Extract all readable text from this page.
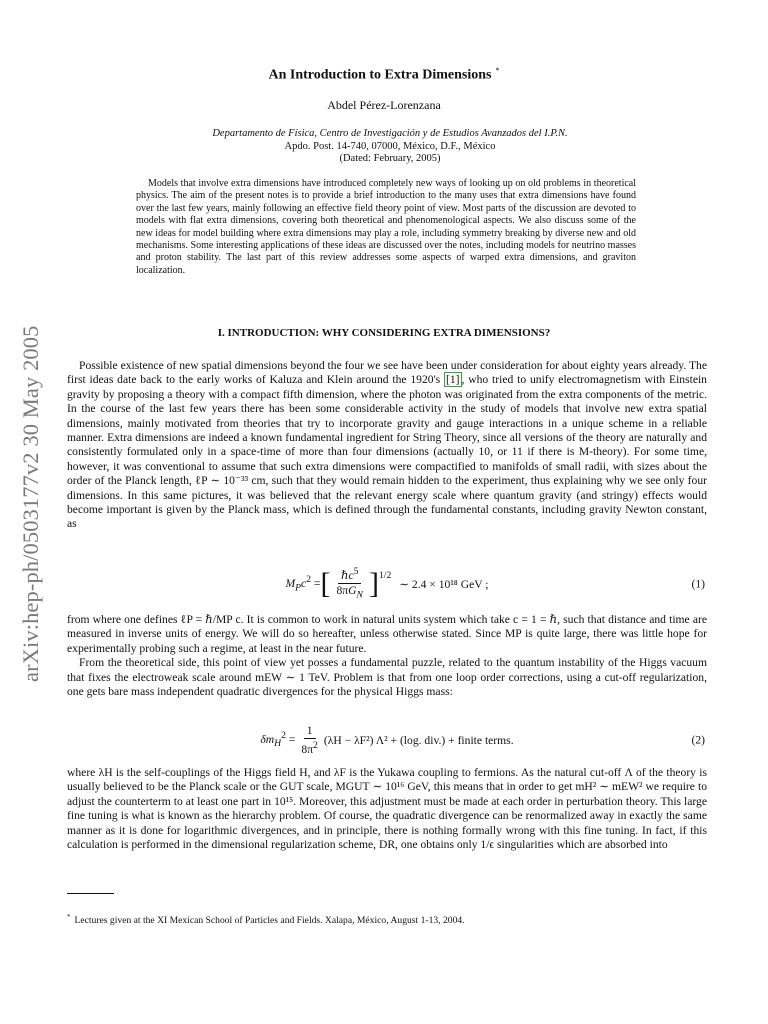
arXiv:hep-ph/0503177v2 30 May 2005
An Introduction to Extra Dimensions *
Abdel Pérez-Lorenzana
Departamento de Física, Centro de Investigación y de Estudios Avanzados del I.P.N.
Apdo. Post. 14-740, 07000, México, D.F., México
(Dated: February, 2005)
Models that involve extra dimensions have introduced completely new ways of looking up on old problems in theoretical physics. The aim of the present notes is to provide a brief introduction to the many uses that extra dimensions have found over the last few years, mainly following an effective field theory point of view. Most parts of the discussion are devoted to models with flat extra dimensions, covering both theoretical and phenomenological aspects. We also discuss some of the new ideas for model building where extra dimensions may play a role, including symmetry breaking by diverse new and old mechanisms. Some interesting applications of these ideas are discussed over the notes, including models for neutrino masses and proton stability. The last part of this review addresses some aspects of warped extra dimensions, and graviton localization.
I. INTRODUCTION: WHY CONSIDERING EXTRA DIMENSIONS?

Possible existence of new spatial dimensions beyond the four we see have been under consideration for about eighty years already. The first ideas date back to the early works of Kaluza and Klein around the 1920's [1] , who tried to unify electromagnetism with Einstein gravity by proposing a theory with a compact fifth dimension, where the photon was originated from the extra components of the metric. In the course of the last few years there has been some considerable activity in the study of models that involve new extra spatial dimensions, mainly motivated from theories that try to incorporate gravity and gauge interactions in a unique scheme in a reliable manner. Extra dimensions are indeed a known fundamental ingredient for String Theory, since all versions of the theory are naturally and consistently formulated only in a space-time of more than four dimensions (actually 10, or 11 if there is M-theory). For some time, however, it was conventional to assume that such extra dimensions were compactified to manifolds of small radii, with sizes about the order of the Planck length, ℓP ∼ 10⁻³³ cm, such that they would remain hidden to the experiment, thus explaining why we see only four dimensions. In this same pictures, it was believed that the relevant energy scale where quantum gravity (and stringy) effects would become important is given by the Planck mass, which is defined through the fundamental constants, including gravity Newton constant, as

$M_Pc^2$ = [ $\frac{\hbar c^5}{8\pi G_N} ]^{1/2}$
∼ 2.4 × 10¹⁸ GeV ;	(1)

from where one defines ℓP = ℏ/MP c. It is common to work in natural units system which take c = 1 = ℏ, such that distance and time are measured in inverse units of energy. We will do so hereafter, unless otherwise stated. Since MP is quite large, there was little hope for experimentally probing such a regime, at least in the near future.

From the theoretical side, this point of view yet posses a fundamental puzzle, related to the quantum instability of the Higgs vacuum that fixes the electroweak scale around mEW ∼ 1 TeV. Problem is that from one loop order corrections, using a cut-off regularization, one gets bare mass independent quadratic divergences for the physical Higgs mass:

$\delta m_H^2 = \frac{1}{8\pi^2} (\lambda H - \lambda F^2) \Lambda^2 + (\log$. div.) + finite terms.	(2)

where λH is the self-couplings of the Higgs field H, and λF is the Yukawa coupling to fermions. As the natural cut-off Λ of the theory is usually believed to be the Planck scale or the GUT scale, MGUT ∼ 10¹⁶ GeV, this means that in order to get mH² ∼ mEW² we require to adjust the counterterm to at least one part in 10¹⁵. Moreover, this adjustment must be made at each order in perturbation theory. This large fine tuning is what is known as the hierarchy problem. Of course, the quadratic divergence can be renormalized away in exactly the same manner as it is done for logarithmic divergences, and in principle, there is nothing formally wrong with this fine tuning. In fact, if this calculation is performed in the dimensional regularization scheme, DR, one obtains only 1/ϵ singularities which are absorbed into

* Lectures given at the XI Mexican School of Particles and Fields. Xalapa, México, August 1-13, 2004.
